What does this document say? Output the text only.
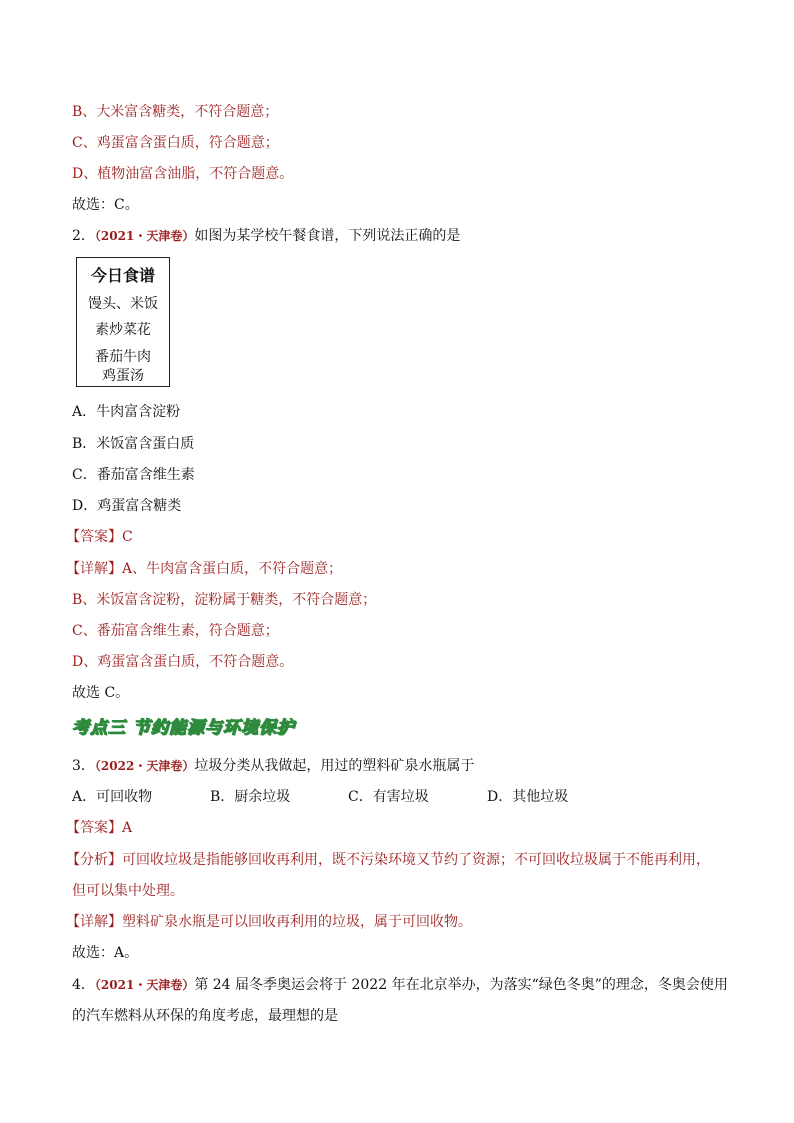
B、大米富含糖类，不符合题意；
C、鸡蛋富含蛋白质，符合题意；
D、植物油富含油脂，不符合题意。
故选：C。
2．（2021・天津卷）如图为某学校午餐食谱，下列说法正确的是
今日食谱
馒头、米饭
素炒菜花
番茄牛肉
鸡蛋汤
A．牛肉富含淀粉
B．米饭富含蛋白质
C．番茄富含维生素
D．鸡蛋富含糖类
【答案】C
【详解】A、牛肉富含蛋白质，不符合题意；
B、米饭富含淀粉，淀粉属于糖类，不符合题意；
C、番茄富含维生素，符合题意；
D、鸡蛋富含蛋白质，不符合题意。
故选 C。
考点三 节约能源与环境保护
3．（2022・天津卷）垃圾分类从我做起，用过的塑料矿泉水瓶属于
A．可回收物	B．厨余垃圾	C．有害垃圾	D．其他垃圾
【答案】A
【分析】可回收垃圾是指能够回收再利用，既不污染环境又节约了资源；不可回收垃圾属于不能再利用，
但可以集中处理。
【详解】塑料矿泉水瓶是可以回收再利用的垃圾，属于可回收物。
故选：A。
4．（2021・天津卷）第 24 届冬季奥运会将于 2022 年在北京举办，为落实“绿色冬奥”的理念，冬奥会使用
的汽车燃料从环保的角度考虑，最理想的是
